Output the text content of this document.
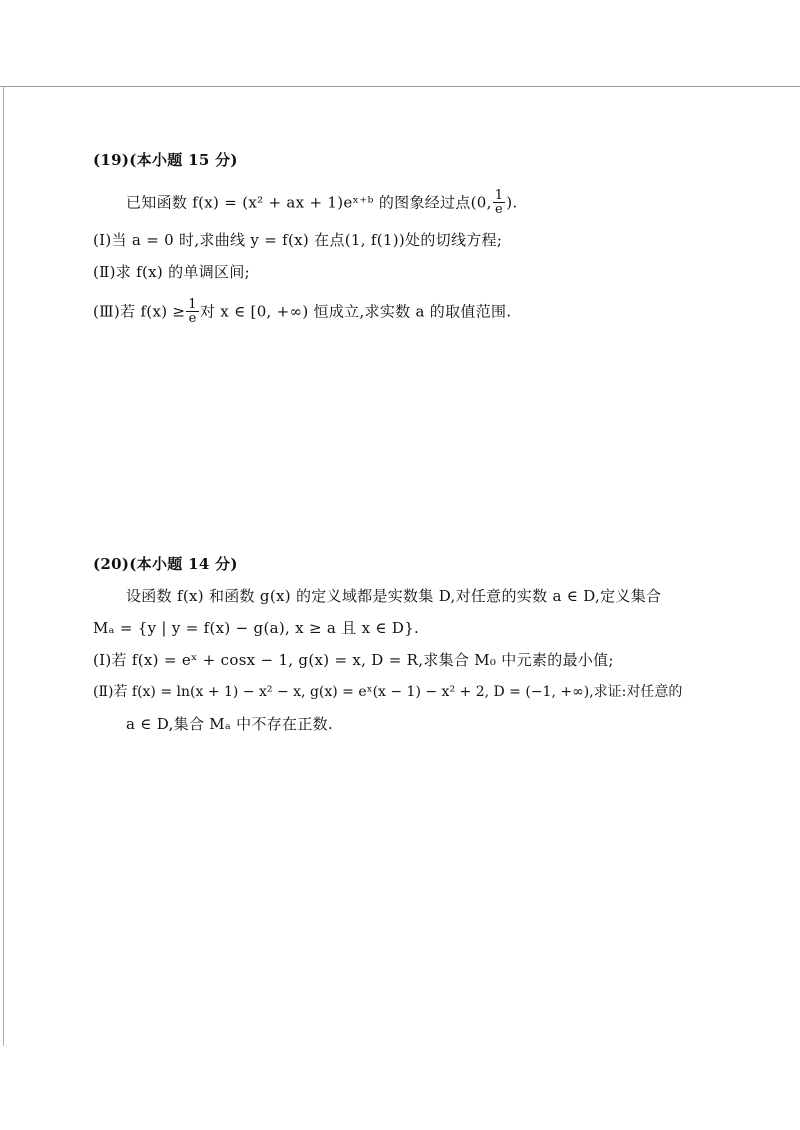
(19)(本小题 15 分)
已知函数 f(x) = (x² + ax + 1)eˣ⁺ᵇ 的图象经过点(0, $\frac{1}{e}$ ).
(Ⅰ)当 a = 0 时,求曲线 y = f(x) 在点(1, f(1))处的切线方程;
(Ⅱ)求 f(x) 的单调区间;
(Ⅲ)若 $f(x) \ge \frac{1}{e}$ 对 x ∈ [0, +∞) 恒成立,求实数 a 的取值范围.
(20)(本小题 14 分)
设函数 f(x) 和函数 g(x) 的定义域都是实数集 D,对任意的实数 a ∈ D,定义集合
Mₐ = {y | y = f(x) − g(a), x ≥ a 且 x ∈ D}.
(Ⅰ)若 f(x) = eˣ + cosx − 1, g(x) = x, D = R,求集合 M₀ 中元素的最小值;
(Ⅱ)若 f(x) = ln(x + 1) − x² − x, g(x) = eˣ(x − 1) − x² + 2, D = (−1, +∞),求证:对任意的
a ∈ D,集合 Mₐ 中不存在正数.
